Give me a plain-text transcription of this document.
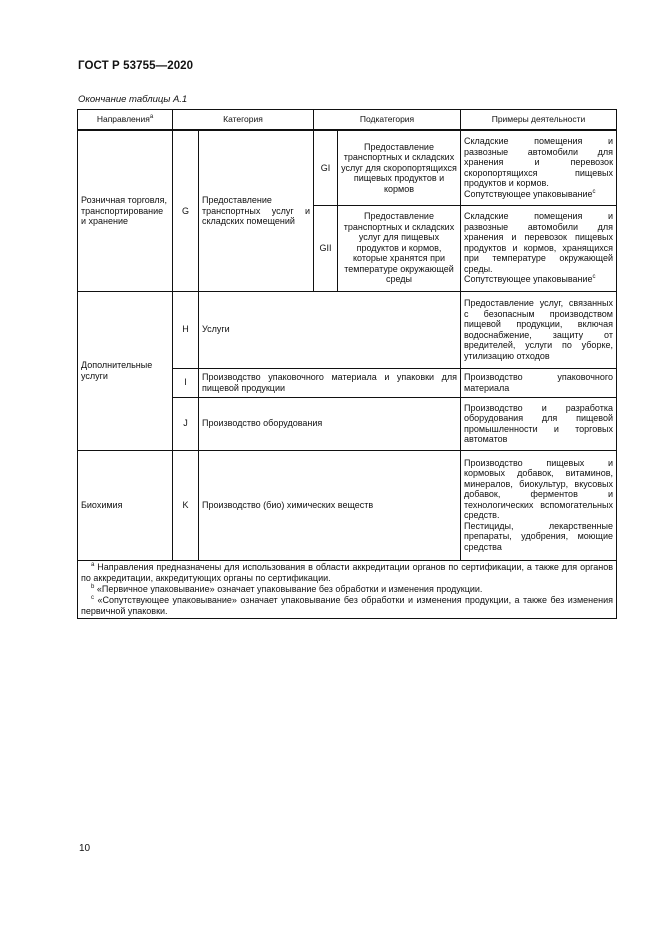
ГОСТ Р 53755—2020
Окончание таблицы А.1
Направления$^а$	Категория		Подкатегория		Примеры деятельности
Розничная торговля, транспортирование и хранение	G	Предоставление транспортных услуг и складских помещений	GI	Предоставление транспортных и складских услуг для скоропортящихся пищевых продуктов и кормов	Складские помещения и развозные автомобили для хранения и перевозок скоропортящихся пищевых продуктов и кормов.
Сопутствующее упаковывание$^c$
			GII	Предоставление транспортных и складских услуг для пищевых продуктов и кормов, которые хранятся при температуре окружающей среды	Складские помещения и развозные автомобили для хранения и перевозок пищевых продуктов и кормов, хранящихся при температуре окружающей среды.
Сопутствующее упаковывание$^c$
Дополнительные услуги	H	Услуги			Предоставление услуг, связанных с безопасным производством пищевой продукции, включая водоснабжение, защиту от вредителей, услуги по уборке, утилизацию отходов
	I	Производство упаковочного материала и упаковки для пищевой продукции			Производство упаковочного материала
	J	Производство оборудования			Производство и разработка оборудования для пищевой промышленности и торговых автоматов
Биохимия	K	Производство (био) химических веществ			Производство пищевых и кормовых добавок, витаминов, минералов, биокультур, вкусовых добавок, ферментов и технологических вспомогательных средств.
Пестициды, лекарственные препараты, удобрения, моющие средства

$^а$ Направления предназначены для использования в области аккредитации органов по сертификации, а также для органов по аккредитации, аккредитующих органы по сертификации.
$^b$ «Первичное упаковывание» означает упаковывание без обработки и изменения продукции.
$^c$ «Сопутствующее упаковывание» означает упаковывание без обработки и изменения продукции, а также без изменения первичной упаковки.					
10
